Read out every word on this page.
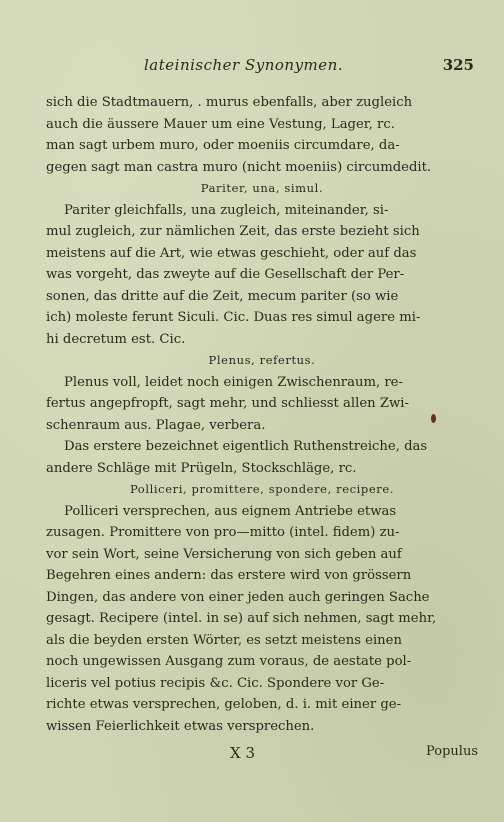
lateinischer Synonymen.	325
sich die Stadtmauern, . murus ebenfalls, aber zugleich
auch die äussere Mauer um eine Vestung, Lager, rc.
man sagt urbem muro, oder moeniis circumdare, da-
gegen sagt man castra muro (nicht moeniis) circumdedit.
Pariter, una, simul.
Pariter gleichfalls, una zugleich, miteinander, si-
mul zugleich, zur nämlichen Zeit, das erste bezieht sich
meistens auf die Art, wie etwas geschieht, oder auf das
was vorgeht, das zweyte auf die Gesellschaft der Per-
sonen, das dritte auf die Zeit, mecum pariter (so wie
ich) moleste ferunt Siculi. Cic. Duas res simul agere mi-
hi decretum est. Cic.
Plenus, refertus.
Plenus voll, leidet noch einigen Zwischenraum, re-
fertus angepfropft, sagt mehr, und schliesst allen Zwi-
schenraum aus. Plagae, verbera.
Das erstere bezeichnet eigentlich Ruthenstreiche, das
andere Schläge mit Prügeln, Stockschläge, rc.
Polliceri, promittere, spondere, recipere.
Polliceri versprechen, aus eignem Antriebe etwas
zusagen. Promittere von pro—mitto (intel. fidem) zu-
vor sein Wort, seine Versicherung von sich geben auf
Begehren eines andern: das erstere wird von grössern
Dingen, das andere von einer jeden auch geringen Sache
gesagt. Recipere (intel. in se) auf sich nehmen, sagt mehr,
als die beyden ersten Wörter, es setzt meistens einen
noch ungewissen Ausgang zum voraus, de aestate pol-
liceris vel potius recipis &c. Cic. Spondere vor Ge-
richte etwas versprechen, geloben, d. i. mit einer ge-
wissen Feierlichkeit etwas versprechen.
X 3	Populus
